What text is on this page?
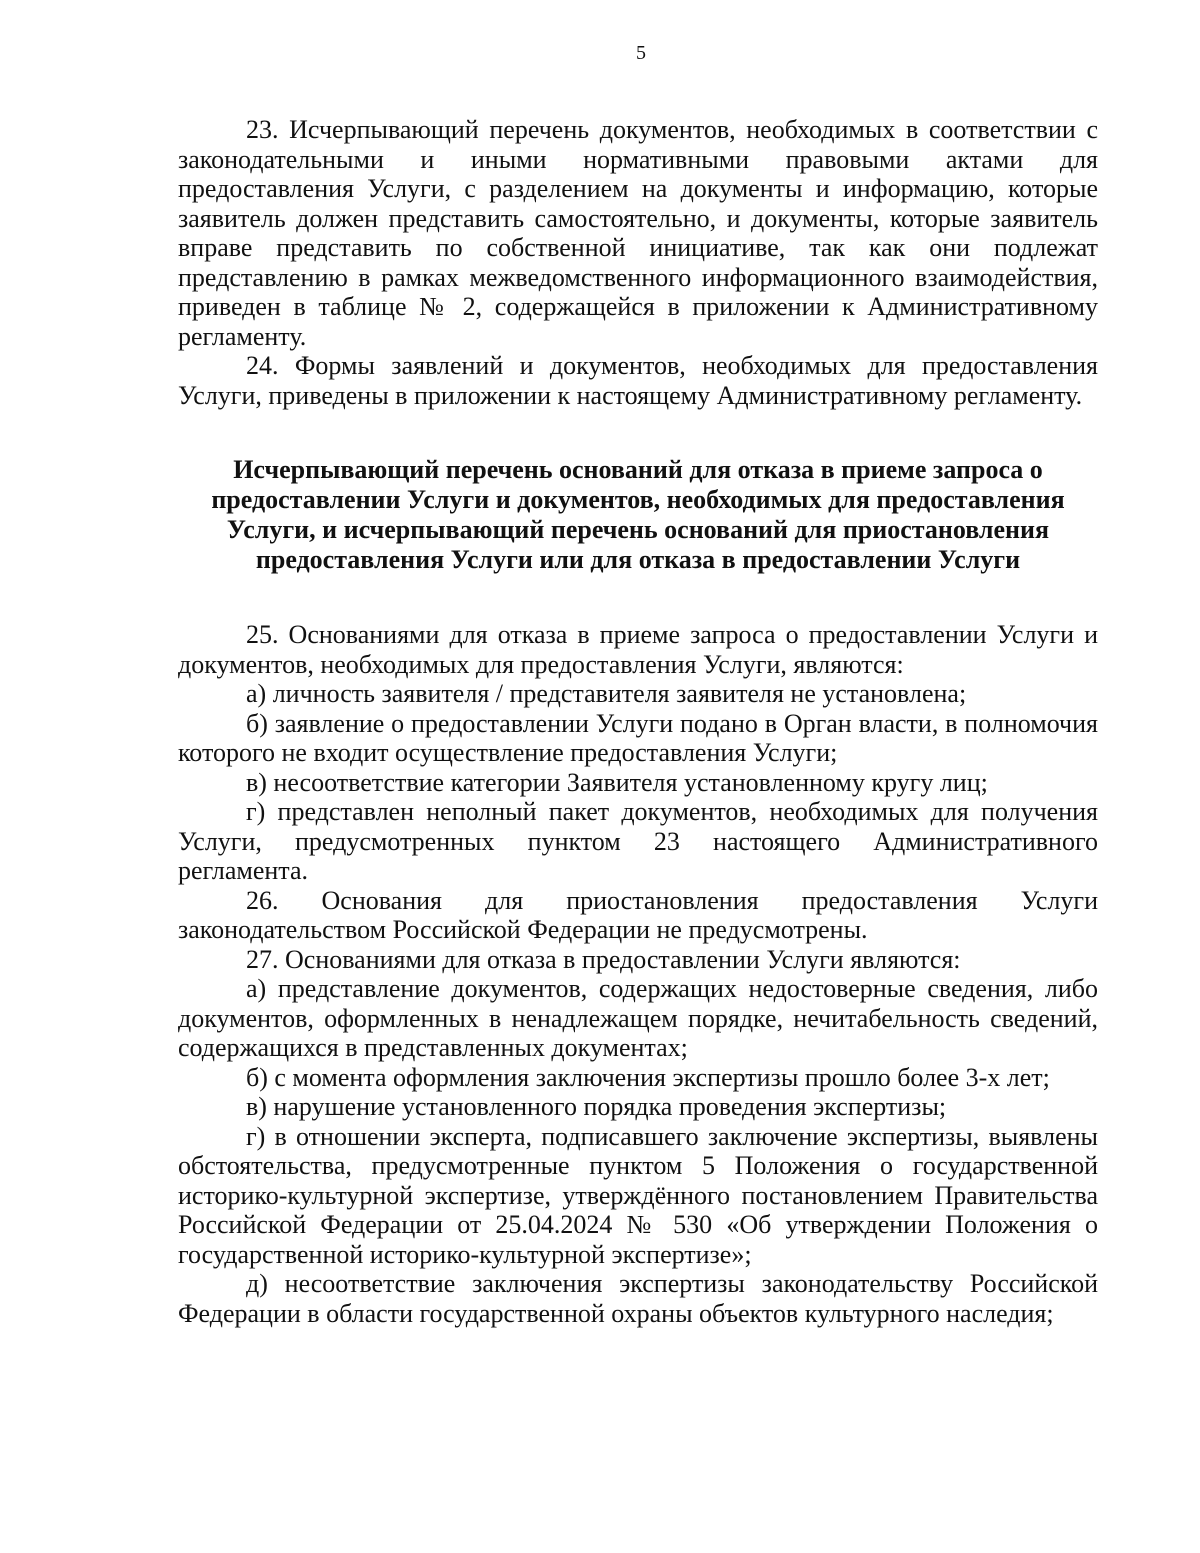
5

23. Исчерпывающий перечень документов, необходимых в соответствии с законодательными и иными нормативными правовыми актами для предоставления Услуги, с разделением на документы и информацию, которые заявитель должен представить самостоятельно, и документы, которые заявитель вправе представить по собственной инициативе, так как они подлежат представлению в рамках межведомственного информационного взаимодействия, приведен в таблице № 2, содержащейся в приложении к Административному регламенту.

24. Формы заявлений и документов, необходимых для предоставления Услуги, приведены в приложении к настоящему Административному регламенту.

Исчерпывающий перечень оснований для отказа в приеме запроса о предоставлении Услуги и документов, необходимых для предоставления Услуги, и исчерпывающий перечень оснований для приостановления предоставления Услуги или для отказа в предоставлении Услуги

25. Основаниями для отказа в приеме запроса о предоставлении Услуги и документов, необходимых для предоставления Услуги, являются:

а) личность заявителя / представителя заявителя не установлена;

б) заявление о предоставлении Услуги подано в Орган власти, в полномочия которого не входит осуществление предоставления Услуги;

в) несоответствие категории Заявителя установленному кругу лиц;

г) представлен неполный пакет документов, необходимых для получения Услуги, предусмотренных пунктом 23 настоящего Административного регламента.

26. Основания для приостановления предоставления Услуги законодательством Российской Федерации не предусмотрены.

27. Основаниями для отказа в предоставлении Услуги являются:

а) представление документов, содержащих недостоверные сведения, либо документов, оформленных в ненадлежащем порядке, нечитабельность сведений, содержащихся в представленных документах;

б) с момента оформления заключения экспертизы прошло более 3-х лет;

в) нарушение установленного порядка проведения экспертизы;

г) в отношении эксперта, подписавшего заключение экспертизы, выявлены обстоятельства, предусмотренные пунктом 5 Положения о государственной историко-культурной экспертизе, утверждённого постановлением Правительства Российской Федерации от 25.04.2024 № 530 «Об утверждении Положения о государственной историко-культурной экспертизе»;

д) несоответствие заключения экспертизы законодательству Российской Федерации в области государственной охраны объектов культурного наследия;
